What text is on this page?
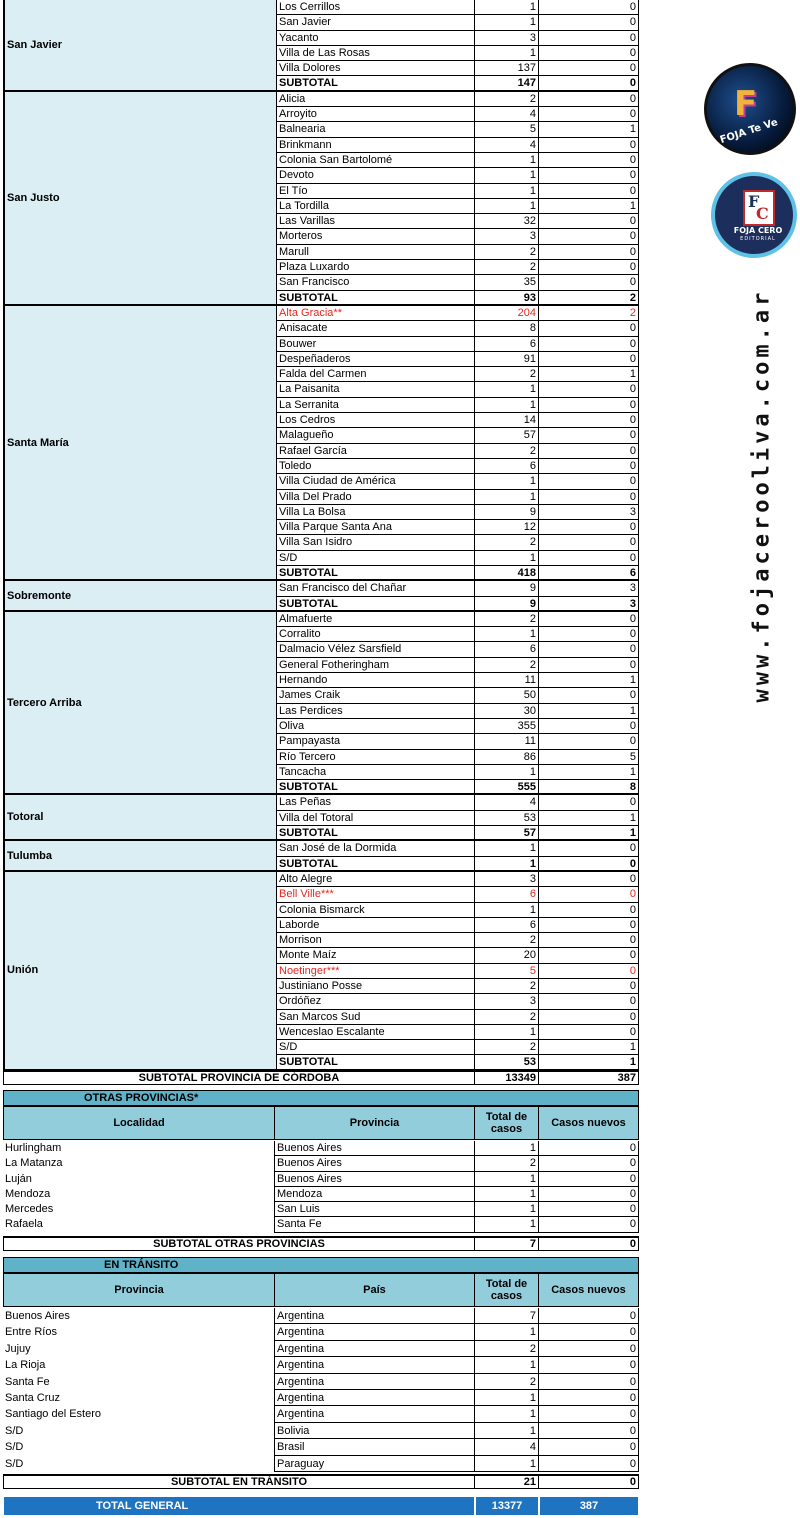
San Javier
Los Cerrillos	1	0
San Javier	1	0
Yacanto	3	0
Villa de Las Rosas	1	0
Villa Dolores	137	0
SUBTOTAL	147	0
San Justo
Alicia	2	0
Arroyito	4	0
Balnearia	5	1
Brinkmann	4	0
Colonia San Bartolomé	1	0
Devoto	1	0
El Tío	1	0
La Tordilla	1	1
Las Varillas	32	0
Morteros	3	0
Marull	2	0
Plaza Luxardo	2	0
San Francisco	35	0
SUBTOTAL	93	2
Santa María
Alta Gracia**	204	2
Anisacate	8	0
Bouwer	6	0
Despeñaderos	91	0
Falda del Carmen	2	1
La Paisanita	1	0
La Serranita	1	0
Los Cedros	14	0
Malagueño	57	0
Rafael García	2	0
Toledo	6	0
Villa Ciudad de América	1	0
Villa Del Prado	1	0
Villa La Bolsa	9	3
Villa Parque Santa Ana	12	0
Villa San Isidro	2	0
S/D	1	0
SUBTOTAL	418	6
Sobremonte
San Francisco del Chañar	9	3
SUBTOTAL	9	3
Tercero Arriba
Almafuerte	2	0
Corralito	1	0
Dalmacio Vélez Sarsfield	6	0
General Fotheringham	2	0
Hernando	11	1
James Craik	50	0
Las Perdices	30	1
Oliva	355	0
Pampayasta	11	0
Río Tercero	86	5
Tancacha	1	1
SUBTOTAL	555	8
Totoral
Las Peñas	4	0
Villa del Totoral	53	1
SUBTOTAL	57	1
Tulumba
San José de la Dormida	1	0
SUBTOTAL	1	0
Unión
Alto Alegre	3	0
Bell Ville***	6	0
Colonia Bismarck	1	0
Laborde	6	0
Morrison	2	0
Monte Maíz	20	0
Noetinger***	5	0
Justiniano Posse	2	0
Ordóñez	3	0
San Marcos Sud	2	0
Wenceslao Escalante	1	0
S/D	2	1
SUBTOTAL	53	1
SUBTOTAL PROVINCIA DE CÓRDOBA	13349	387
OTRAS PROVINCIAS*
Localidad	Provincia	Total de casos	Casos nuevos
Hurlingham	Buenos Aires	1	0
La Matanza	Buenos Aires	2	0
Luján	Buenos Aires	1	0
Mendoza	Mendoza	1	0
Mercedes	San Luis	1	0
Rafaela	Santa Fe	1	0
SUBTOTAL OTRAS PROVINCIAS	7	0
EN TRÁNSITO
Provincia	País	Total de casos	Casos nuevos
Buenos Aires	Argentina	7	0
Entre Ríos	Argentina	1	0
Jujuy	Argentina	2	0
La Rioja	Argentina	1	0
Santa Fe	Argentina	2	0
Santa Cruz	Argentina	1	0
Santiago del Estero	Argentina	1	0
S/D	Bolivia	1	0
S/D	Brasil	4	0
S/D	Paraguay	1	0
SUBTOTAL EN TRÁNSITO	21	0
TOTAL GENERAL	13377	387
F
FOJA Te Ve
F
C
FOJA CERO
EDITORIAL
www.fojacerooliva.com.ar
